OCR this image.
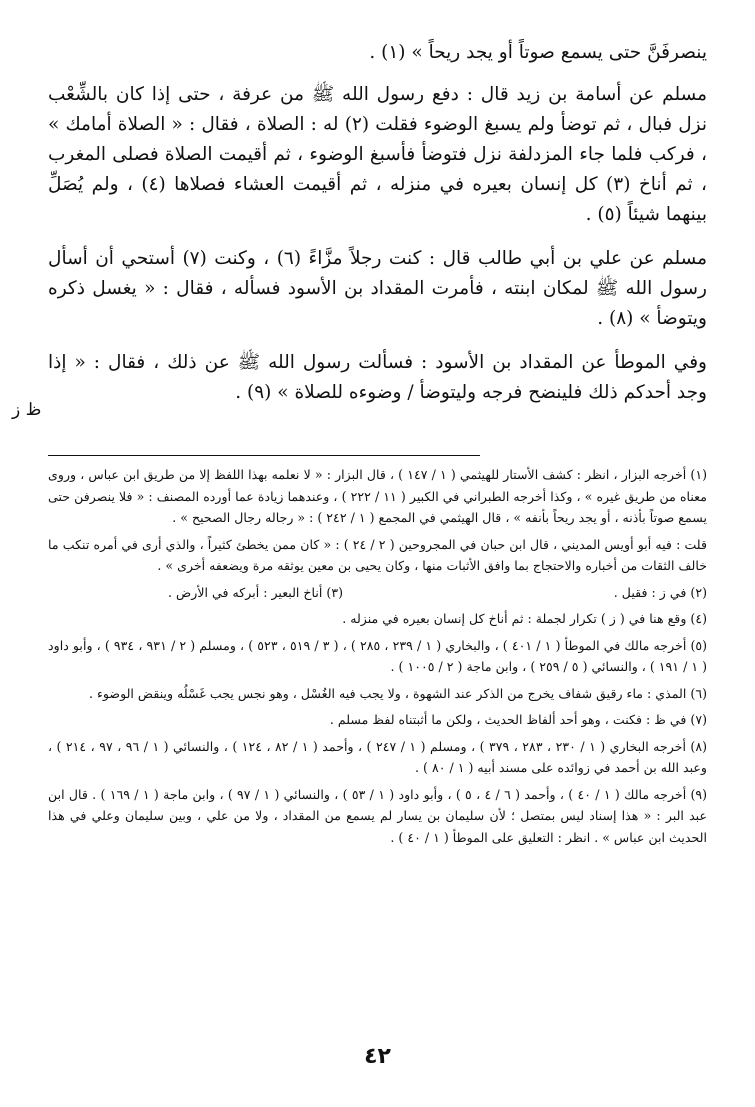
ينصرفَنَّ حتى يسمع صوتاً أو يجد ريحاً » (١) .

مسلم عن أسامة بن زيد قال : دفع رسول الله ﷺ من عرفة ، حتى إذا كان بالشِّعْب نزل فبال ، ثم توضأ ولم يسبغ الوضوء فقلت (٢) له : الصلاة ، فقال : « الصلاة أمامك » ، فركب فلما جاء المزدلفة نزل فتوضأ فأسبغ الوضوء ، ثم أقيمت الصلاة فصلى المغرب ، ثم أناخ (٣) كل إنسان بعيره في منزله ، ثم أقيمت العشاء فصلاها (٤) ، ولم يُصَلِّ بينهما شيئاً (٥) .

مسلم عن علي بن أبي طالب قال : كنت رجلاً مزَّاءً (٦) ، وكنت (٧) أستحي أن أسأل رسول الله ﷺ لمكان ابنته ، فأمرت المقداد بن الأسود فسأله ، فقال : « يغسل ذكره ويتوضأ » (٨) .

وفي الموطأ عن المقداد بن الأسود : فسألت رسول الله ﷺ عن ذلك ، فقال : « إذا وجد أحدكم ذلك فلينضح فرجه وليتوضأ / وضوءه للصلاة » (٩) .

ظ ز

(١) أخرجه البزار ، انظر : كشف الأستار للهيثمي ( ١ / ١٤٧ ) ، قال البزار : « لا نعلمه بهذا اللفظ إلا من طريق ابن عباس ، وروى معناه من طريق غيره » ، وكذا أخرجه الطبراني في الكبير ( ١١ / ٢٢٢ ) ، وعندهما زيادة عما أورده المصنف : « فلا ينصرفن حتى يسمع صوتاً بأذنه ، أو يجد ريحاً بأنفه » ، قال الهيثمي في المجمع ( ١ / ٢٤٢ ) : « رجاله رجال الصحيح » .

قلت : فيه أبو أويس المديني ، قال ابن حبان في المجروحين ( ٢ / ٢٤ ) : « كان ممن يخطئ كثيراً ، والذي أرى في أمره تنكب ما خالف الثقات من أخباره والاحتجاج بما وافق الأثبات منها ، وكان يحيى بن معين يوثقه مرة ويضعفه أخرى » .

(٢) في ز : فقيل .
(٣) أناخ البعير : أبركه في الأرض .

(٤) وقع هنا في ( ز ) تكرار لجملة : ثم أناخ كل إنسان بعيره في منزله .

(٥) أخرجه مالك في الموطأ ( ١ / ٤٠١ ) ، والبخاري ( ١ / ٢٣٩ ، ٢٨٥ ) ، ( ٣ / ٥١٩ ، ٥٢٣ ) ، ومسلم ( ٢ / ٩٣١ ، ٩٣٤ ) ، وأبو داود ( ١ / ١٩١ ) ، والنسائي ( ٥ / ٢٥٩ ) ، وابن ماجة ( ٢ / ١٠٠٥ ) .

(٦) المذي : ماء رقيق شفاف يخرج من الذكر عند الشهوة ، ولا يجب فيه الغُسْل ، وهو نجس يجب غَسْلُه وينقض الوضوء .

(٧) في ظ : فكنت ، وهو أحد ألفاظ الحديث ، ولكن ما أثبتناه لفظ مسلم .

(٨) أخرجه البخاري ( ١ / ٢٣٠ ، ٢٨٣ ، ٣٧٩ ) ، ومسلم ( ١ / ٢٤٧ ) ، وأحمد ( ١ / ٨٢ ، ١٢٤ ) ، والنسائي ( ١ / ٩٦ ، ٩٧ ، ٢١٤ ) ، وعبد الله بن أحمد في زوائده على مسند أبيه ( ١ / ٨٠ ) .

(٩) أخرجه مالك ( ١ / ٤٠ ) ، وأحمد ( ٦ / ٤ ، ٥ ) ، وأبو داود ( ١ / ٥٣ ) ، والنسائي ( ١ / ٩٧ ) ، وابن ماجة ( ١ / ١٦٩ ) . قال ابن عبد البر : « هذا إسناد ليس بمتصل ؛ لأن سليمان بن يسار لم يسمع من المقداد ، ولا من علي ، وبين سليمان وعلي في هذا الحديث ابن عباس » . انظر : التعليق على الموطأ ( ١ / ٤٠ ) .

٤٢
